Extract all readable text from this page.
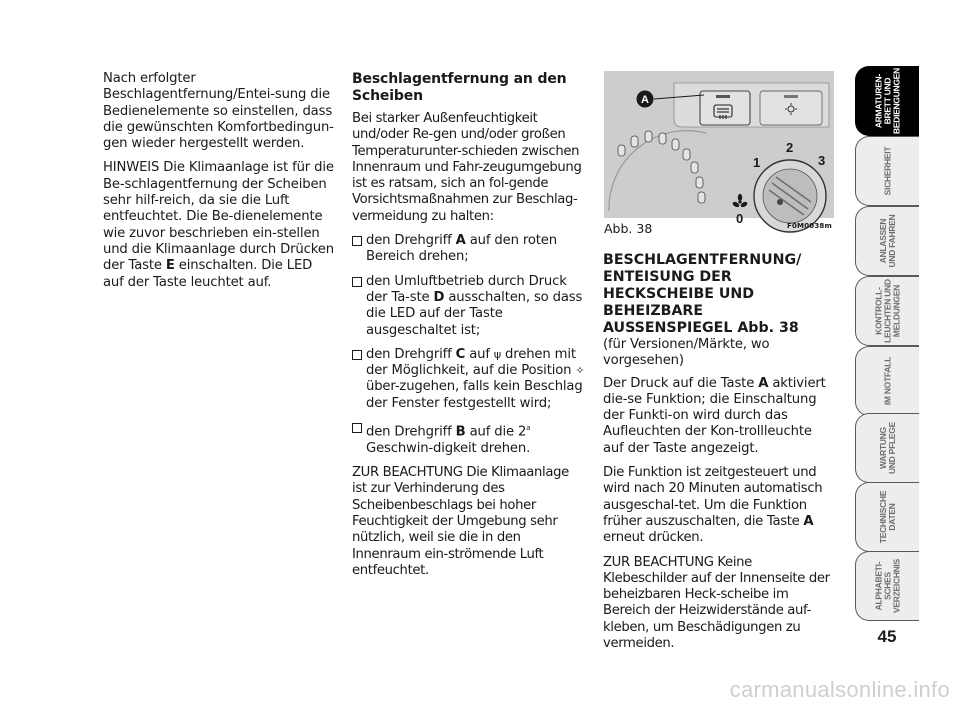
Nach erfolgter Beschlagentfernung/Entei-sung die Bedienelemente so einstellen, dass die gewünschten Komfortbedingun-gen wieder hergestellt werden.

HINWEIS Die Klimaanlage ist für die Be-schlagentfernung der Scheiben sehr hilf-reich, da sie die Luft entfeuchtet. Die Be-dienelemente wie zuvor beschrieben ein-stellen und die Klimaanlage durch Drücken der Taste E einschalten. Die LED auf der Taste leuchtet auf.

Beschlagentfernung an den Scheiben

Bei starker Außenfeuchtigkeit und/oder Re-gen und/oder großen Temperaturunter-schieden zwischen Innenraum und Fahr-zeugumgebung ist es ratsam, sich an fol-gende Vorsichtsmaßnahmen zur Beschlag-vermeidung zu halten:

den Drehgriff A auf den roten Bereich drehen;
den Umluftbetrieb durch Druck der Ta-ste D ausschalten, so dass die LED auf der Taste ausgeschaltet ist;
den Drehgriff C auf ψ drehen mit der Möglichkeit, auf die Position ✧ über-zugehen, falls kein Beschlag der Fenster festgestellt wird;
den Drehgriff B auf die 2$^a$ Geschwin-digkeit drehen.

ZUR BEACHTUNG Die Klimaanlage ist zur Verhinderung des Scheibenbeschlags bei hoher Feuchtigkeit der Umgebung sehr nützlich, weil sie die in den Innenraum ein-strömende Luft entfeuchtet.

A
0
1
2
3
Abb. 38	F0M0038m
BESCHLAGENTFERNUNG/ ENTEISUNG DER HECKSCHEIBE UND BEHEIZBARE AUSSENSPIEGEL Abb. 38

(für Versionen/Märkte, wo vorgesehen)

Der Druck auf die Taste A aktiviert die-se Funktion; die Einschaltung der Funkti-on wird durch das Aufleuchten der Kon-trollleuchte auf der Taste angezeigt.

Die Funktion ist zeitgesteuert und wird nach 20 Minuten automatisch ausgeschal-tet. Um die Funktion früher auszuschalten, die Taste A erneut drücken.

ZUR BEACHTUNG Keine Klebeschilder auf der Innenseite der beheizbaren Heck-scheibe im Bereich der Heizwiderstände auf-kleben, um Beschädigungen zu vermeiden.

ARMATUREN-
BRETT UND
BEDIENGUNGEN
SICHERHEIT
ANLASSEN
UND FAHREN
KONTROLL-
LEUCHTEN UND
MELDUNGEN
IM NOTFALL
WARTUNG
UND PFLEGE
TECHNISCHE
DATEN
ALPHABETI-
SCHES
VERZEICHNIS
45
carmanualsonline.info
